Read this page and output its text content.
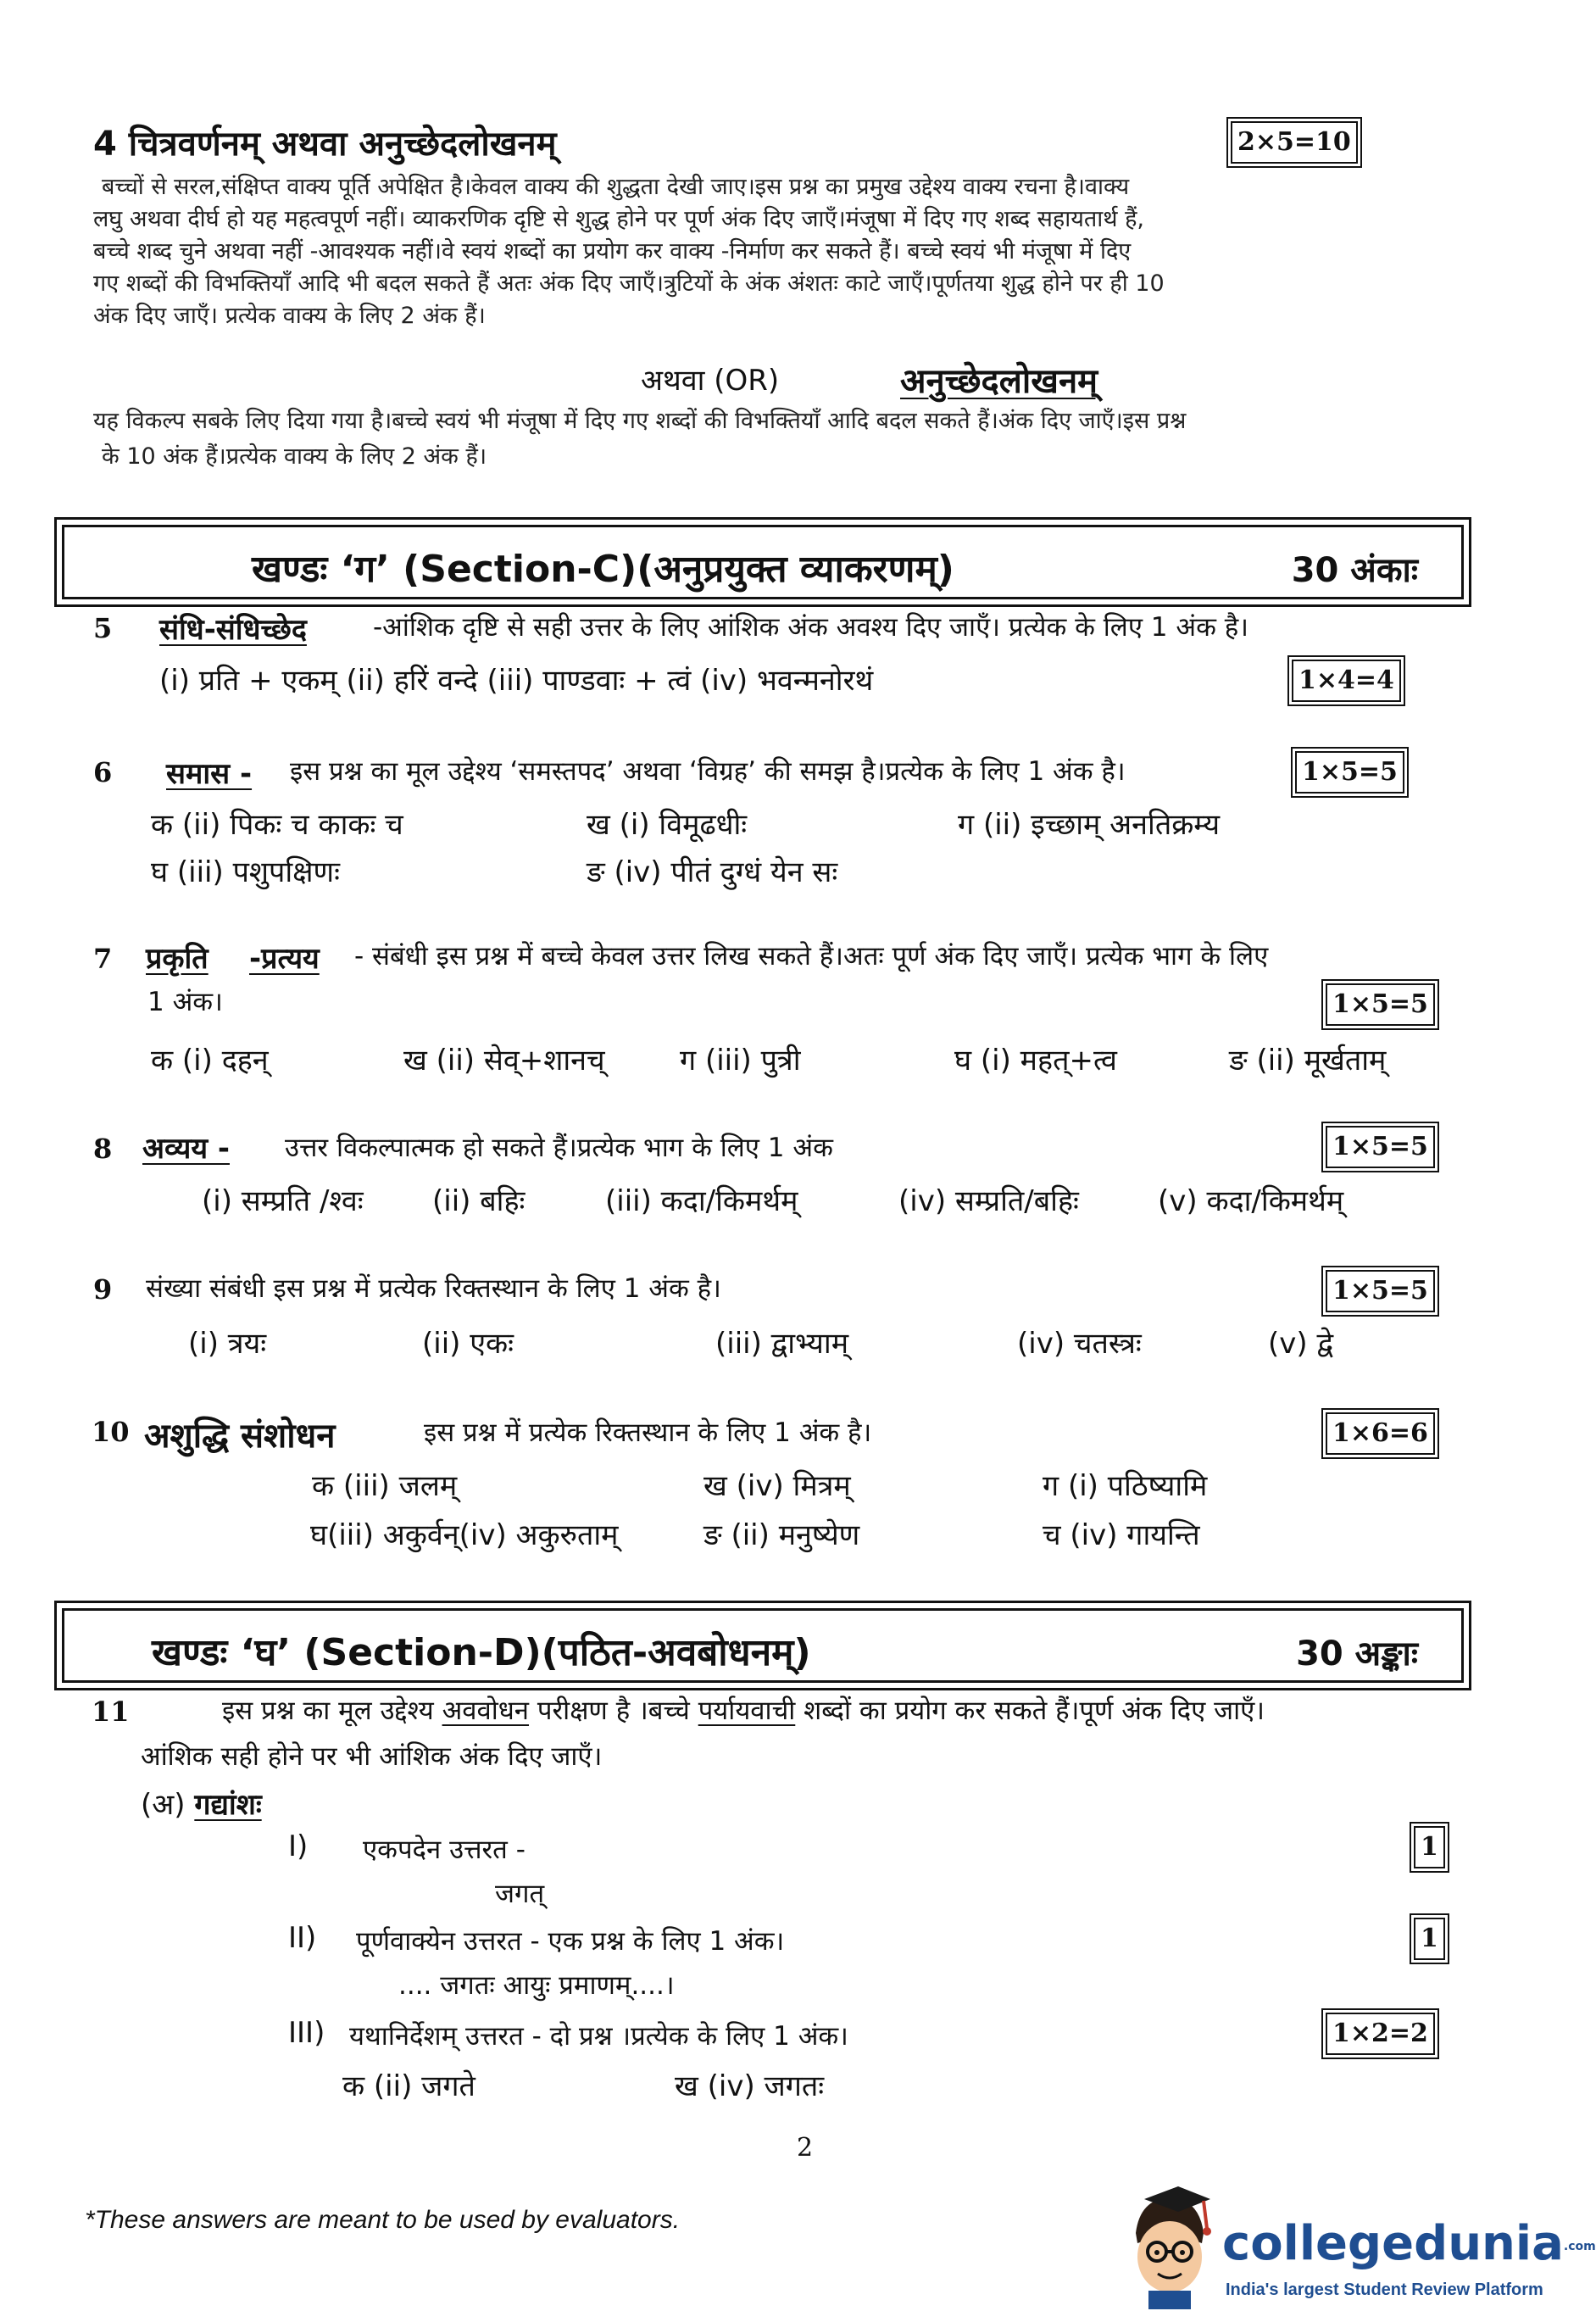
4 चित्रवर्णनम् अथवा अनुच्छेदलोखनम्	2×5=10
बच्चों से सरल,संक्षिप्त वाक्य पूर्ति अपेक्षित है।केवल वाक्य की शुद्धता देखी जाए।इस प्रश्न का प्रमुख उद्देश्य वाक्य रचना है।वाक्य
लघु अथवा दीर्घ हो यह महत्वपूर्ण नहीं। व्याकरणिक दृष्टि से शुद्ध होने पर पूर्ण अंक दिए जाएँ।मंजूषा में दिए गए शब्द सहायतार्थ हैं,
बच्चे शब्द चुने अथवा नहीं -आवश्यक नहीं।वे स्वयं शब्दों का प्रयोग कर वाक्य -निर्माण कर सकते हैं। बच्चे स्वयं भी मंजूषा में दिए
गए शब्दों की विभक्तियाँ आदि भी बदल सकते हैं अतः अंक दिए जाएँ।त्रुटियों के अंक अंशतः काटे जाएँ।पूर्णतया शुद्ध होने पर ही 10
अंक दिए जाएँ। प्रत्येक वाक्य के लिए 2 अंक हैं।
अथवा (OR)	अनुच्छेदलोखनम्
यह विकल्प सबके लिए दिया गया है।बच्चे स्वयं भी मंजूषा में दिए गए शब्दों की विभक्तियाँ आदि बदल सकते हैं।अंक दिए जाएँ।इस प्रश्न
के 10 अंक हैं।प्रत्येक वाक्य के लिए 2 अंक हैं।
खण्डः ‘ग’ (Section-C)(अनुप्रयुक्त व्याकरणम्)	30 अंकाः
5 संधि-संधिच्छेद	-आंशिक दृष्टि से सही उत्तर के लिए आंशिक अंक अवश्य दिए जाएँ। प्रत्येक के लिए 1 अंक है।
(i) प्रति + एकम् (ii) हरिं वन्दे (iii) पाण्डवाः + त्वं (iv) भवन्मनोरथं	1×4=4
6 समास - इस प्रश्न का मूल उद्देश्य ‘समस्तपद’ अथवा ‘विग्रह’ की समझ है।प्रत्येक के लिए 1 अंक है।	1×5=5
क (ii) पिकः च काकः च	ख (i) विमूढधीः	ग (ii) इच्छाम् अनतिक्रम्य
घ (iii) पशुपक्षिणः	ङ (iv) पीतं दुग्धं येन सः
7 प्रकृति -प्रत्यय - संबंधी इस प्रश्न में बच्चे केवल उत्तर लिख सकते हैं।अतः पूर्ण अंक दिए जाएँ। प्रत्येक भाग के लिए
1 अंक।	1×5=5
क (i) दहन्	ख (ii) सेव्+शानच्	ग (iii) पुत्री	घ (i) महत्+त्व	ङ (ii) मूर्खताम्
8 अव्यय - उत्तर विकल्पात्मक हो सकते हैं।प्रत्येक भाग के लिए 1 अंक	1×5=5
(i) सम्प्रति /श्वः (ii) बहिः	(iii) कदा/किमर्थम्	(iv) सम्प्रति/बहिः	(v) कदा/किमर्थम्
9 संख्या संबंधी इस प्रश्न में प्रत्येक रिक्तस्थान के लिए 1 अंक है।	1×5=5
(i) त्रयः	(ii) एकः	(iii) द्वाभ्याम्	(iv) चतस्त्रः	(v) द्वे
10 अशुद्धि संशोधन	इस प्रश्न में प्रत्येक रिक्तस्थान के लिए 1 अंक है।	1×6=6
क (iii) जलम्	ख (iv) मित्रम्	ग (i) पठिष्यामि
घ(iii) अकुर्वन्(iv) अकुरुताम्	ङ (ii) मनुष्येण	च (iv) गायन्ति
खण्डः ‘घ’ (Section-D)(पठित-अवबोधनम्)	30 अङ्काः
11	इस प्रश्न का मूल उद्देश्य अववोधन परीक्षण है ।बच्चे पर्यायवाची शब्दों का प्रयोग कर सकते हैं।पूर्ण अंक दिए जाएँ।
आंशिक सही होने पर भी आंशिक अंक दिए जाएँ।
(अ) गद्यांशः
I) एकपदेन उत्तरत -	1
जगत्
II) पूर्णवाक्येन उत्तरत - एक प्रश्न के लिए 1 अंक।	1
.... जगतः आयुः प्रमाणम्....।
III) यथानिर्देशम् उत्तरत - दो प्रश्न ।प्रत्येक के लिए 1 अंक।	1×2=2
क (ii) जगते	ख (iv) जगतः
2
*These answers are meant to be used by evaluators.	collegedunia.com
India's largest Student Review Platform
